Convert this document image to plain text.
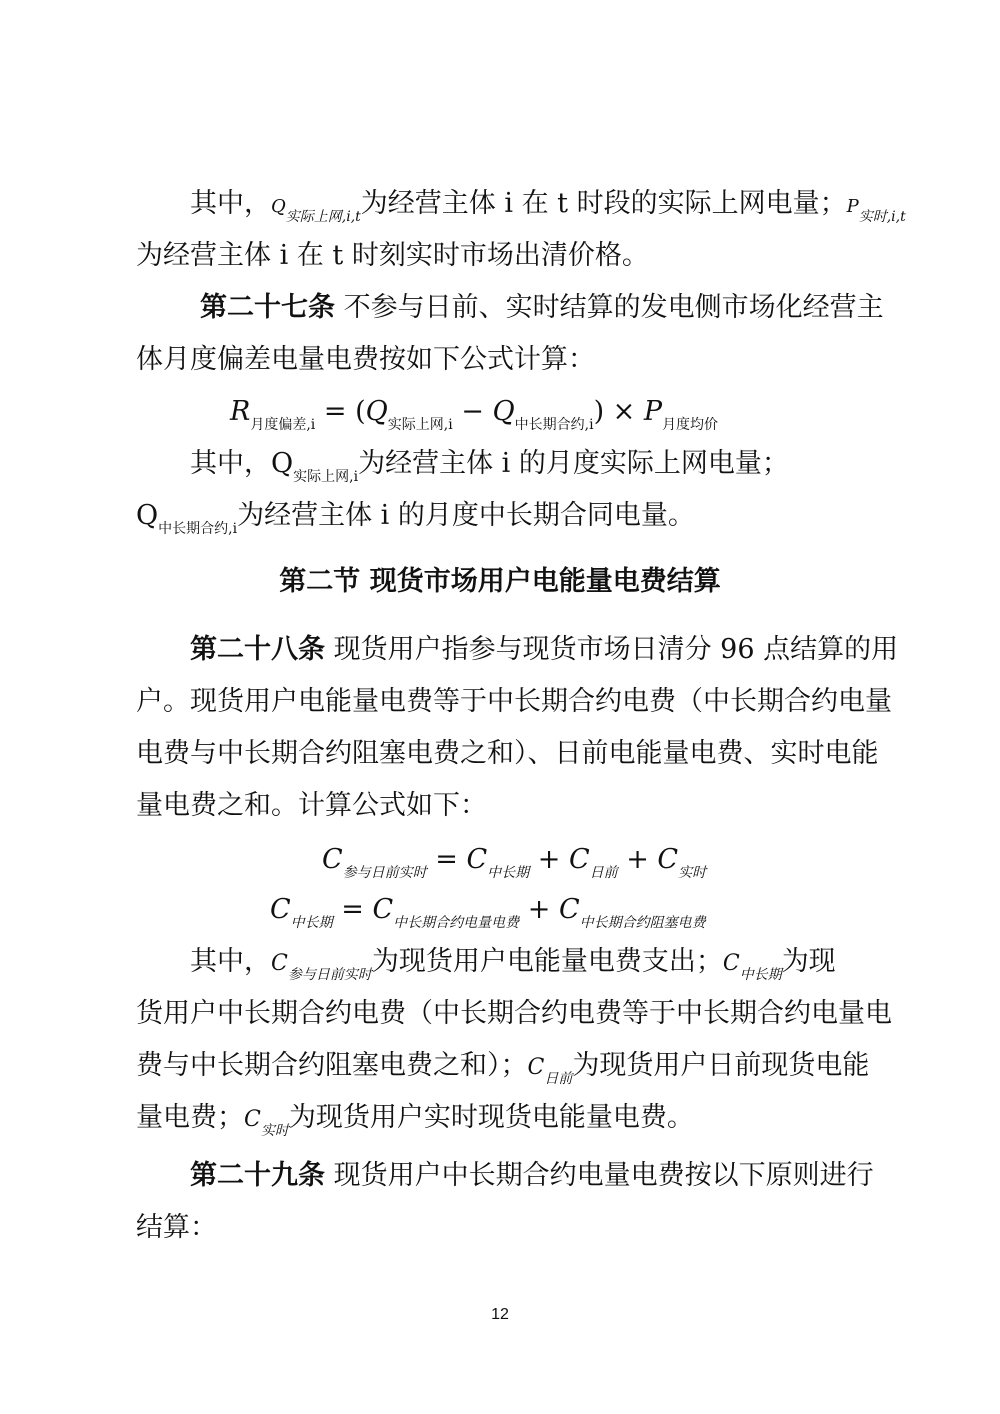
其中，$Q_{实际上网,i,t}$为经营主体 i 在 t 时段的实际上网电量；$P_{实时,i,t}$
为经营主体 i 在 t 时刻实时市场出清价格。
第二十七条 不参与日前、实时结算的发电侧市场化经营主
体月度偏差电量电费按如下公式计算：
$R_{月度偏差,i} = (Q_{实际上网,i} - Q_{中长期合约,i}) \times P_{月度均价}$
其中，$Q_{实际上网,i}$为经营主体 i 的月度实际上网电量；
$Q_{中长期合约,i}$为经营主体 i 的月度中长期合同电量。
第二节 现货市场用户电能量电费结算
第二十八条 现货用户指参与现货市场日清分 96 点结算的用
户。现货用户电能量电费等于中长期合约电费（中长期合约电量
电费与中长期合约阻塞电费之和）、日前电能量电费、实时电能
量电费之和。计算公式如下：
$C_{参与日前实时} = C_{中长期} + C_{日前} + C_{实时}$
$C_{中长期} = C_{中长期合约电量电费} + C_{中长期合约阻塞电费}$
其中，$C_{参与日前实时}$为现货用户电能量电费支出；$C_{中长期}$为现
货用户中长期合约电费（中长期合约电费等于中长期合约电量电
费与中长期合约阻塞电费之和）；$C_{日前}$为现货用户日前现货电能
量电费；$C_{实时}$为现货用户实时现货电能量电费。
第二十九条 现货用户中长期合约电量电费按以下原则进行
结算：
12
